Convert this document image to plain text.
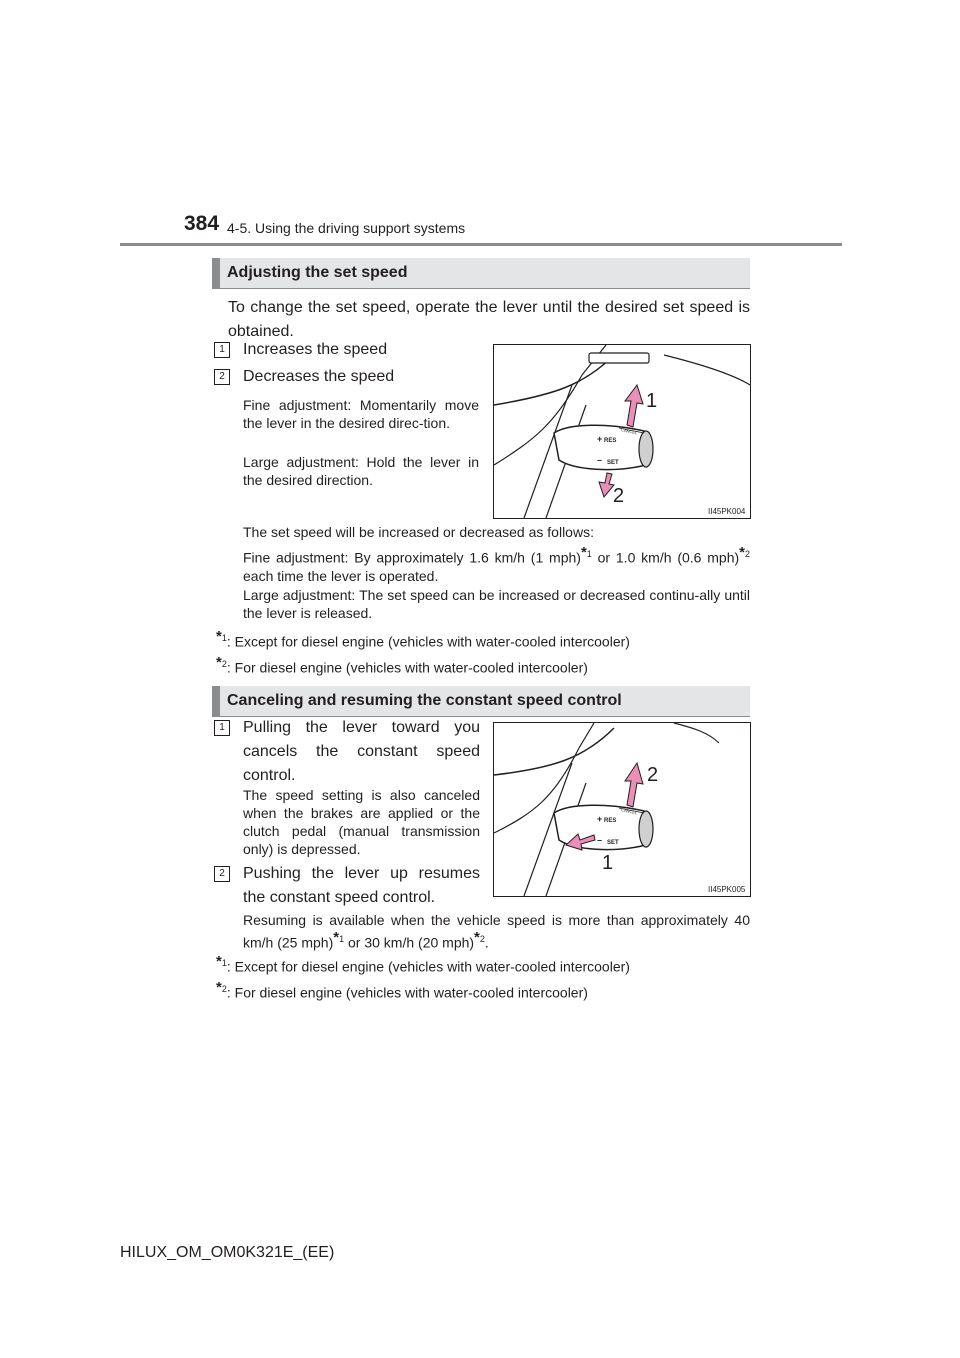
384 4-5. Using the driving support systems
Adjusting the set speed
To change the set speed, operate the lever until the desired set speed is obtained.
1	Increases the speed
2	Decreases the speed
Fine adjustment: Momentarily move the lever in the desired direc-tion.
Large adjustment: Hold the lever in the desired direction.
+ RES
– SET
CANCEL
1
2
II45PK004
The set speed will be increased or decreased as follows:
Fine adjustment: By approximately 1.6 km/h (1 mph)$^{*1}$ or 1.0 km/h (0.6 mph)$^{*2}$ each time the lever is operated.
Large adjustment: The set speed can be increased or decreased continu-ally until the lever is released.
$^{*1}$: Except for diesel engine (vehicles with water-cooled intercooler)
$^{*2}$: For diesel engine (vehicles with water-cooled intercooler)
Canceling and resuming the constant speed control
1	Pulling the lever toward you cancels the constant speed control.
The speed setting is also canceled when the brakes are applied or the clutch pedal (manual transmission only) is depressed.
2	Pushing the lever up resumes the constant speed control.
+ RES
– SET
CANCEL
2
1
II45PK005
Resuming is available when the vehicle speed is more than approximately 40 km/h (25 mph)$^{*1}$ or 30 km/h (20 mph)$^{*2}$.
$^{*1}$: Except for diesel engine (vehicles with water-cooled intercooler)
$^{*2}$: For diesel engine (vehicles with water-cooled intercooler)
HILUX_OM_OM0K321E_(EE)
